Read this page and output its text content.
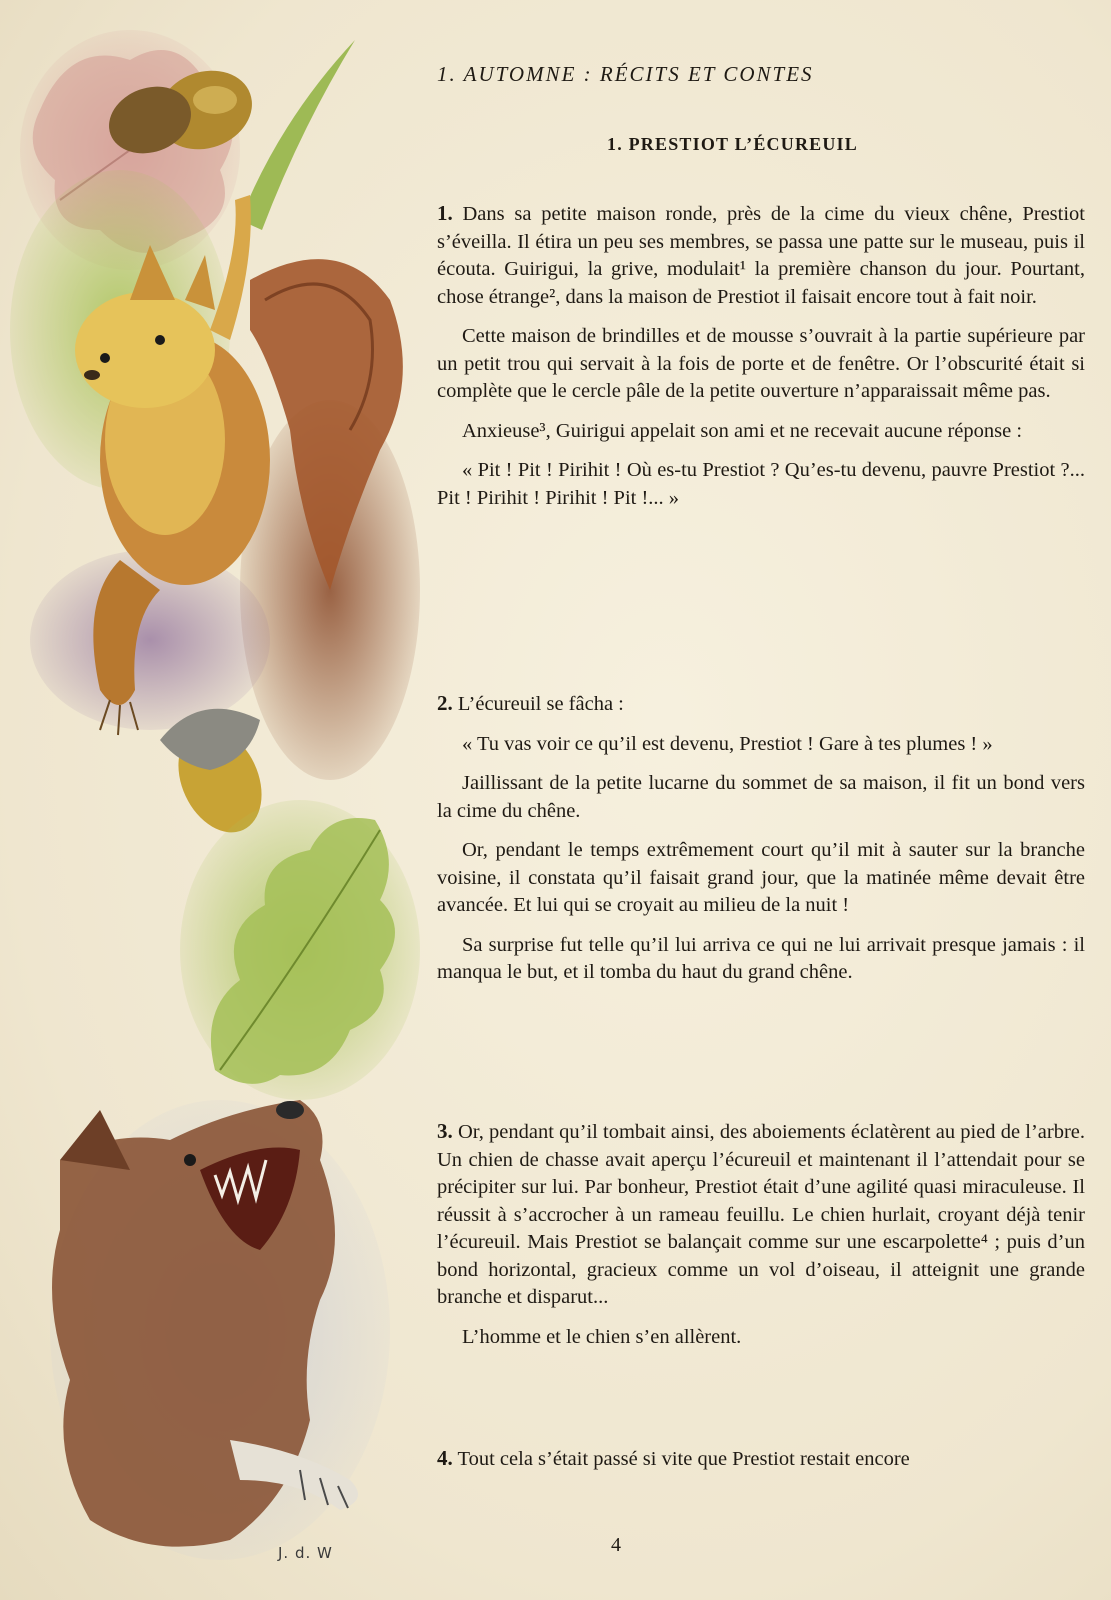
J. d. W
1. AUTOMNE : RÉCITS ET CONTES
1. PRESTIOT L’ÉCUREUIL

1. Dans sa petite maison ronde, près de la cime du vieux chêne, Prestiot s’éveilla. Il étira un peu ses membres, se passa une patte sur le museau, puis il écouta. Guirigui, la grive, modulait¹ la première chanson du jour. Pourtant, chose étrange², dans la maison de Prestiot il faisait encore tout à fait noir.

Cette maison de brindilles et de mousse s’ouvrait à la partie supérieure par un petit trou qui servait à la fois de porte et de fenêtre. Or l’obscurité était si complète que le cercle pâle de la petite ouverture n’apparaissait même pas.

Anxieuse³, Guirigui appelait son ami et ne recevait aucune réponse :

« Pit ! Pit ! Pirihit ! Où es-tu Prestiot ? Qu’es-tu devenu, pauvre Prestiot ?... Pit ! Pirihit ! Pirihit ! Pit !... »

2. L’écureuil se fâcha :

« Tu vas voir ce qu’il est devenu, Prestiot ! Gare à tes plumes ! »

Jaillissant de la petite lucarne du sommet de sa maison, il fit un bond vers la cime du chêne.

Or, pendant le temps extrêmement court qu’il mit à sauter sur la branche voisine, il constata qu’il faisait grand jour, que la matinée même devait être avancée. Et lui qui se croyait au milieu de la nuit !

Sa surprise fut telle qu’il lui arriva ce qui ne lui arrivait presque jamais : il manqua le but, et il tomba du haut du grand chêne.

3. Or, pendant qu’il tombait ainsi, des aboiements éclatèrent au pied de l’arbre. Un chien de chasse avait aperçu l’écureuil et maintenant il l’attendait pour se précipiter sur lui. Par bonheur, Prestiot était d’une agilité quasi miraculeuse. Il réussit à s’accrocher à un rameau feuillu. Le chien hurlait, croyant déjà tenir l’écureuil. Mais Prestiot se balançait comme sur une escarpolette⁴ ; puis d’un bond horizontal, gracieux comme un vol d’oiseau, il atteignit une grande branche et disparut...

L’homme et le chien s’en allèrent.

4. Tout cela s’était passé si vite que Prestiot restait encore

4
